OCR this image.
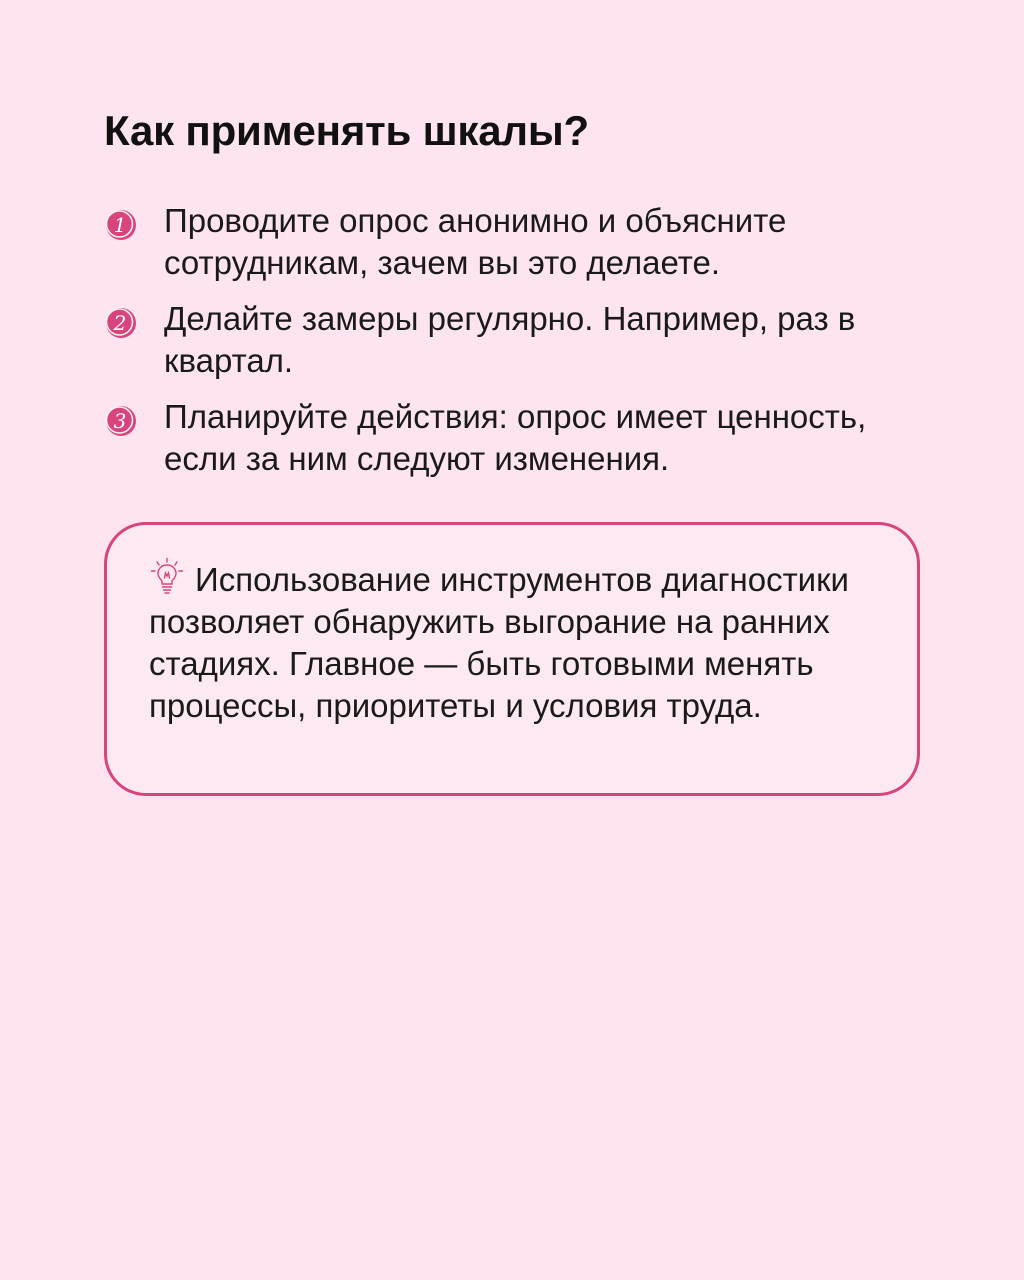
Как применять шкалы?
1 Проводите опрос анонимно и объясните сотрудникам, зачем вы это делаете.
2 Делайте замеры регулярно. Например, раз в квартал.
3 Планируйте действия: опрос имеет ценность, если за ним следуют изменения.
Использование инструментов диагностики позволяет обнаружить выгорание на ранних стадиях. Главное — быть готовыми менять процессы, приоритеты и условия труда.
